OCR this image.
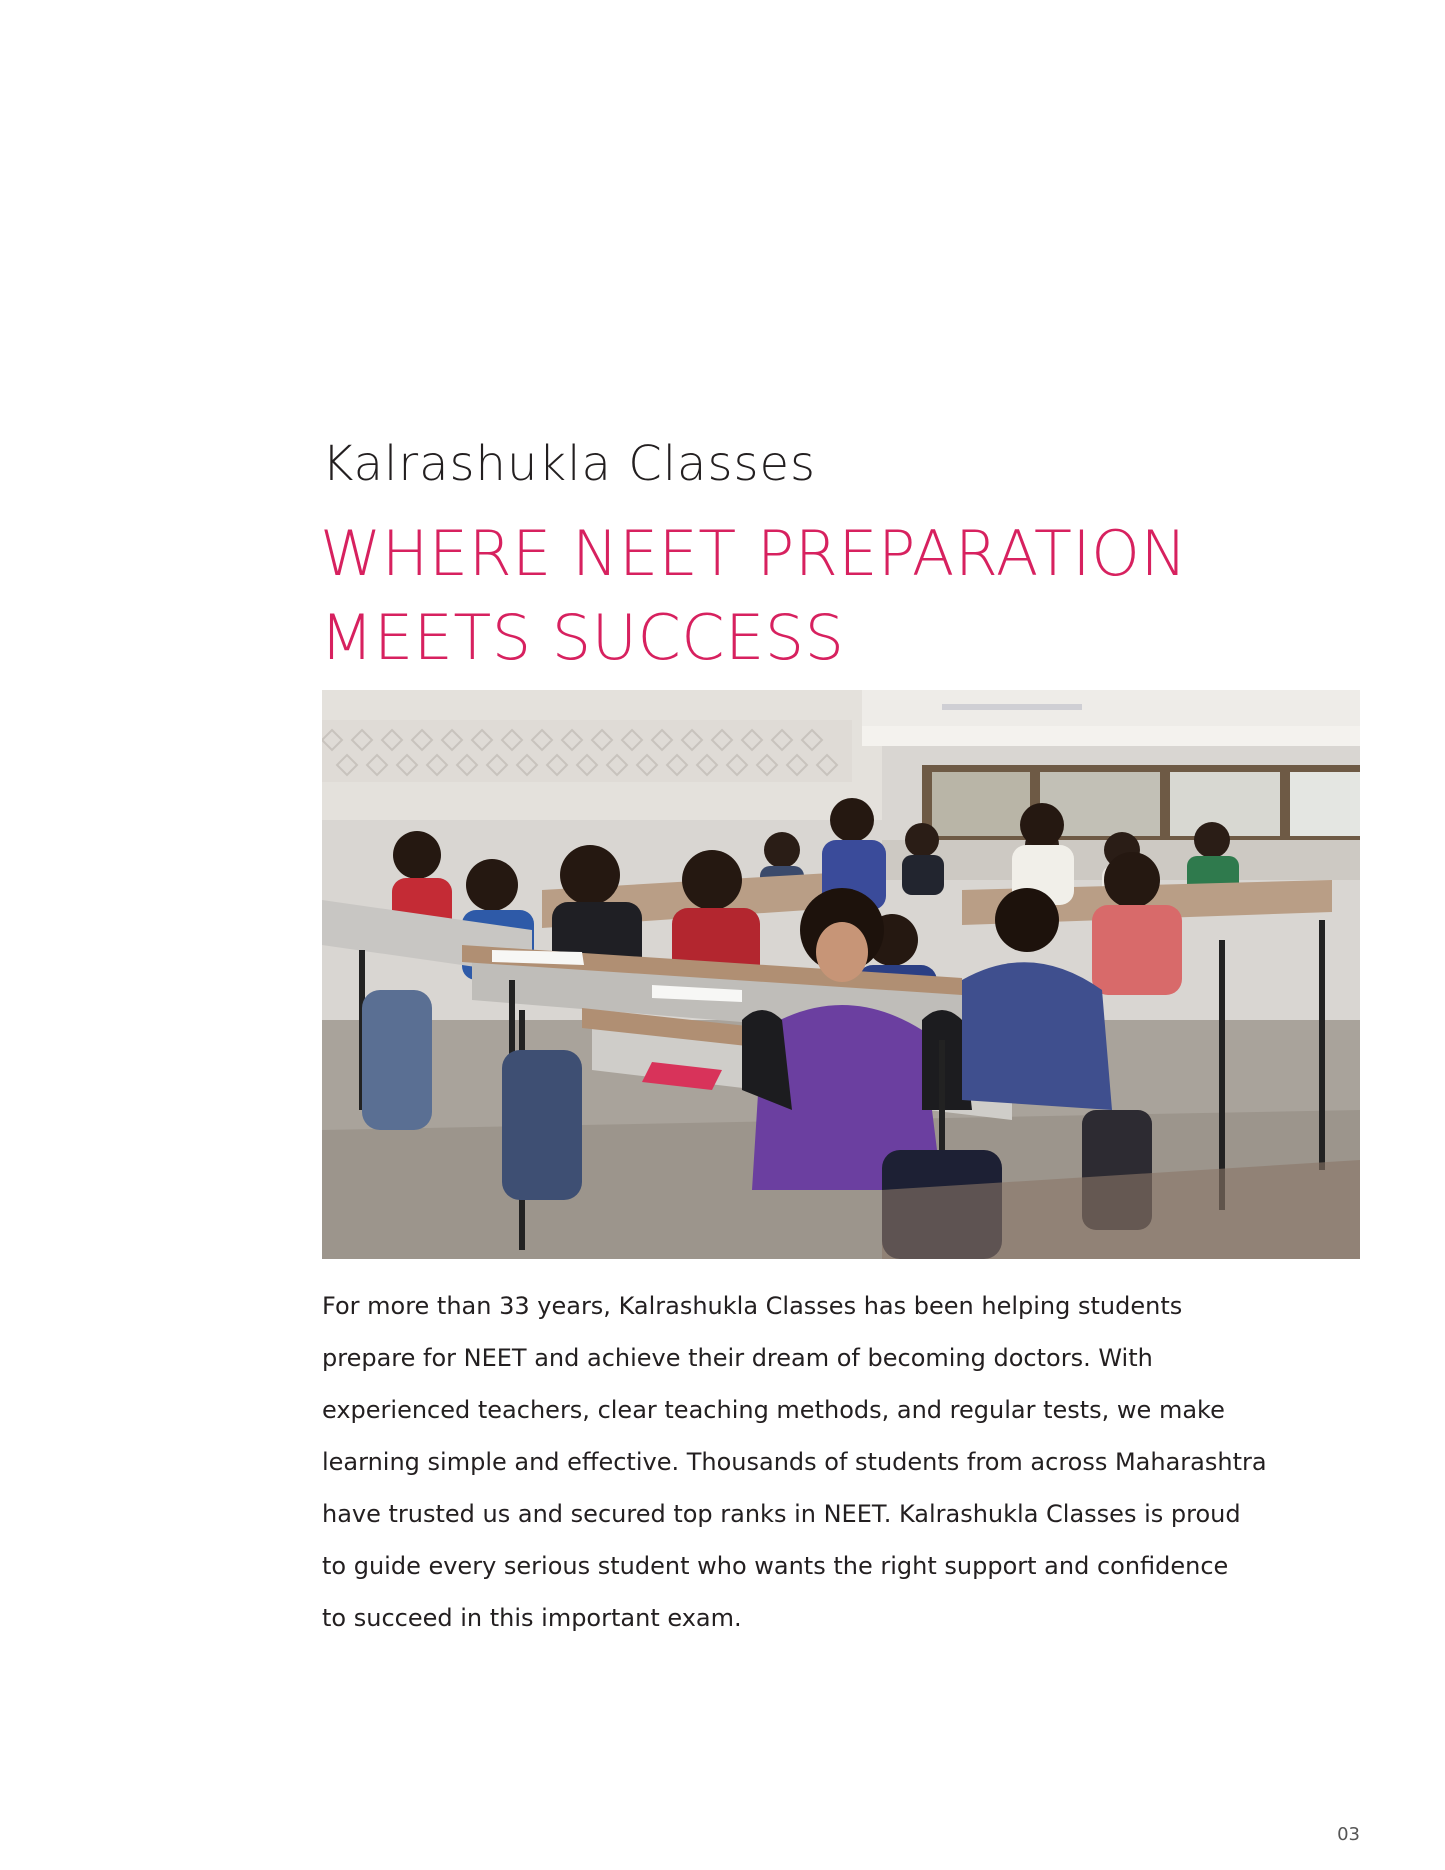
Kalrashukla Classes
WHERE NEET PREPARATION
MEETS SUCCESS
For more than 33 years, Kalrashukla Classes has been helping students
prepare for NEET and achieve their dream of becoming doctors. With
experienced teachers, clear teaching methods, and regular tests, we make
learning simple and effective. Thousands of students from across Maharashtra
have trusted us and secured top ranks in NEET. Kalrashukla Classes is proud
to guide every serious student who wants the right support and confidence
to succeed in this important exam.
03
